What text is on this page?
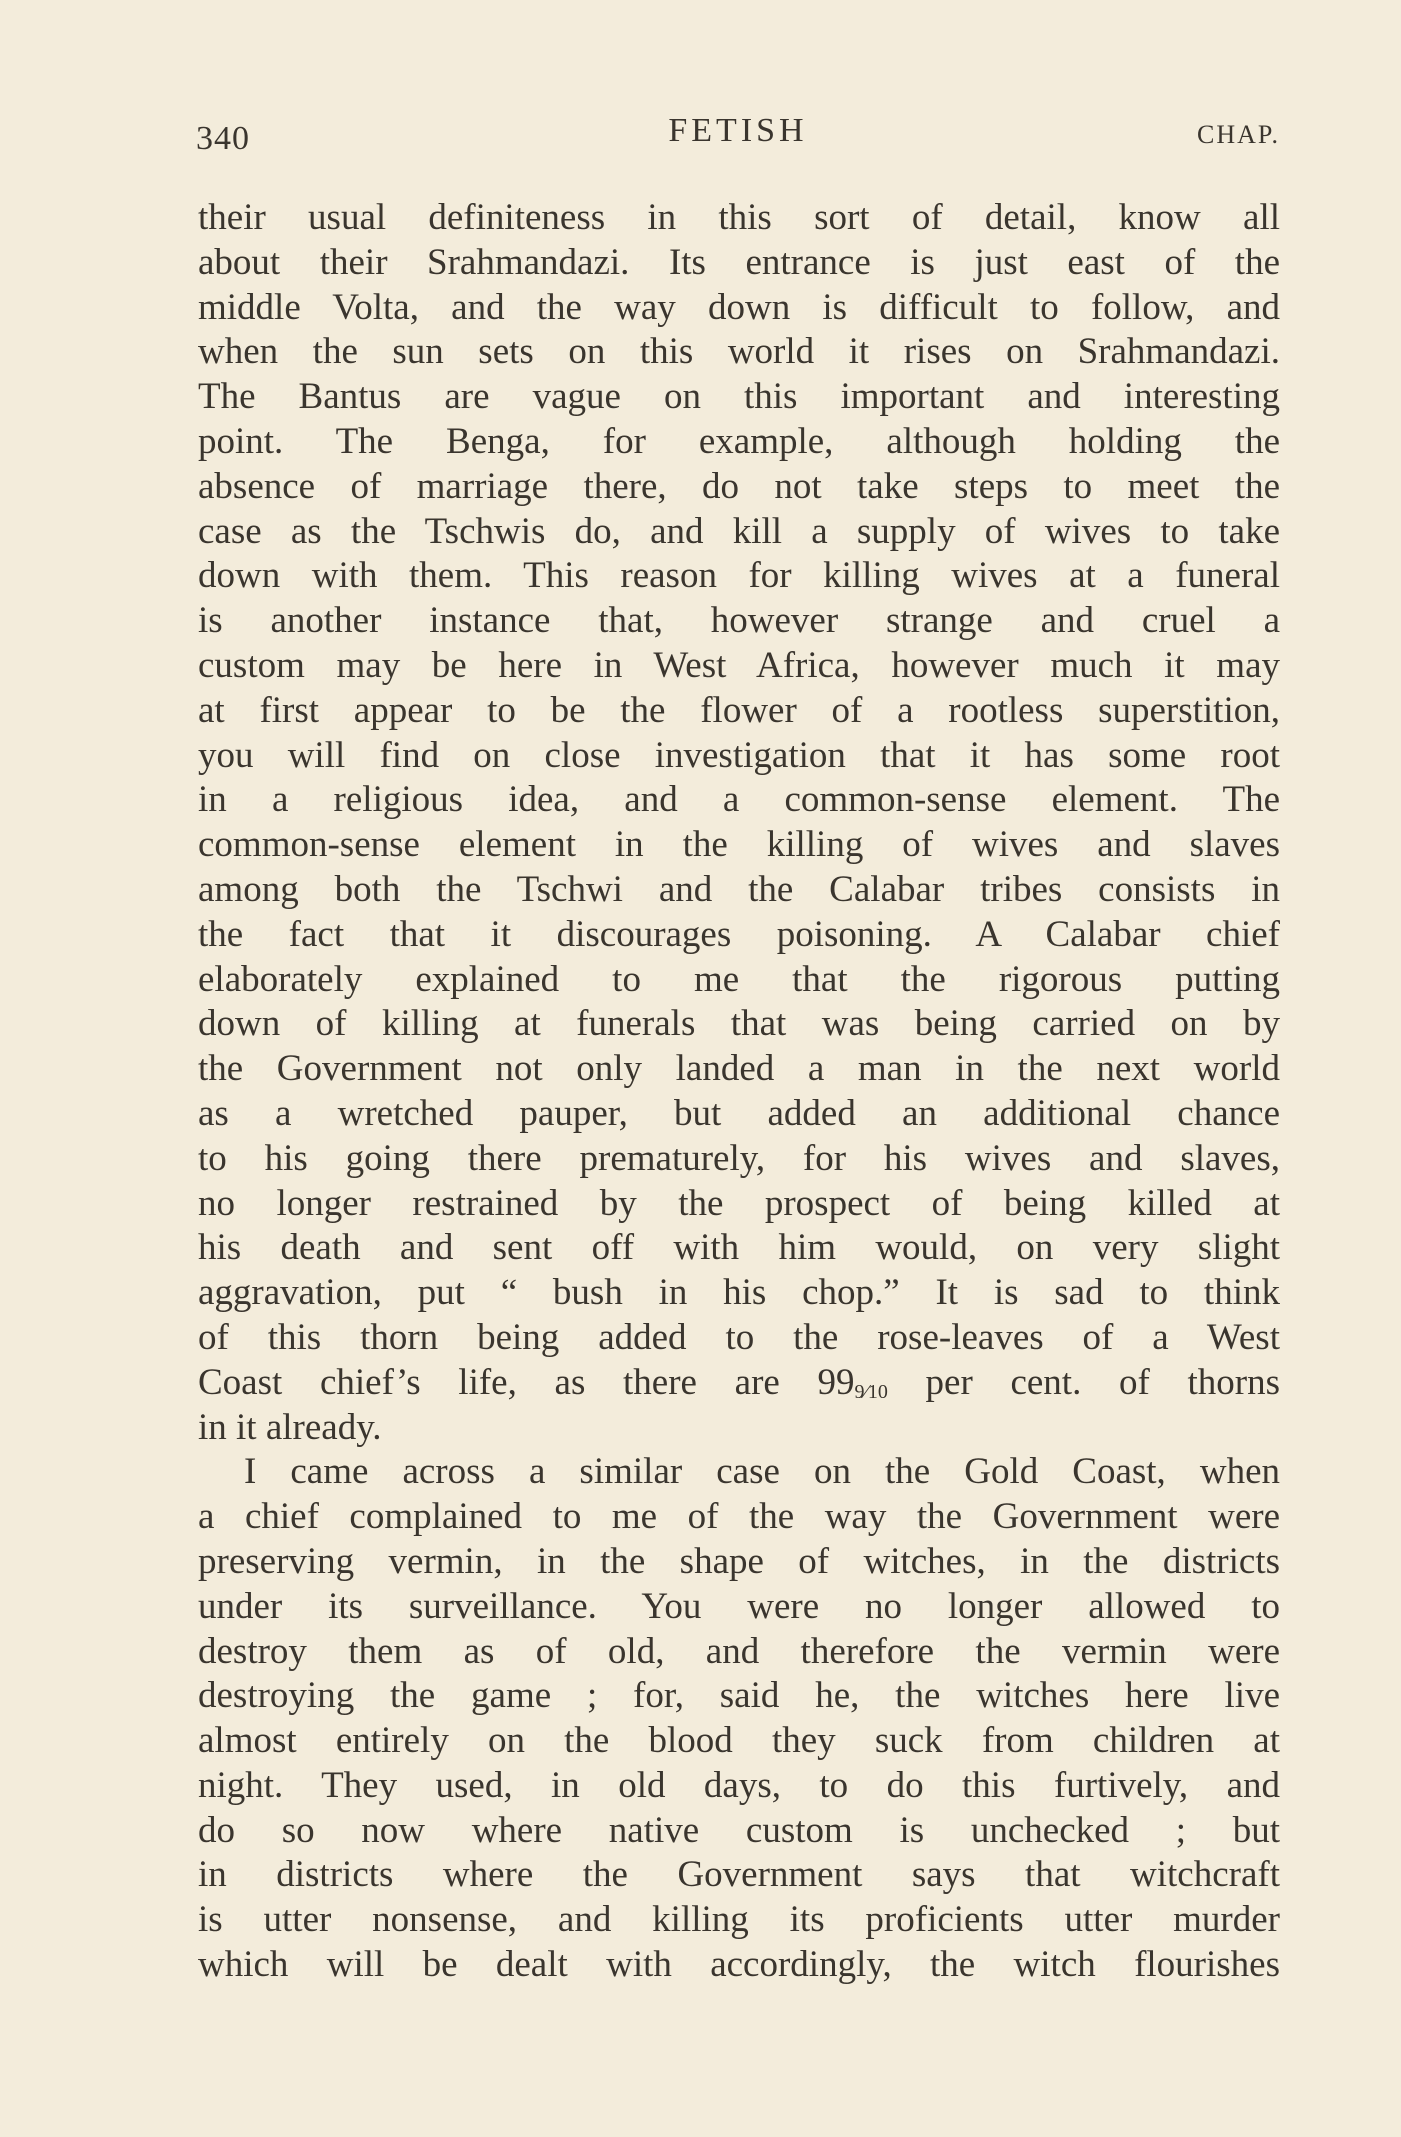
340	FETISH	CHAP.
their usual definiteness in this sort of detail, know all
about their Srahmandazi. Its entrance is just east of the
middle Volta, and the way down is difficult to follow, and
when the sun sets on this world it rises on Srahmandazi.
The Bantus are vague on this important and interesting
point. The Benga, for example, although holding the
absence of marriage there, do not take steps to meet the
case as the Tschwis do, and kill a supply of wives to take
down with them. This reason for killing wives at a funeral
is another instance that, however strange and cruel a
custom may be here in West Africa, however much it may
at first appear to be the flower of a rootless superstition,
you will find on close investigation that it has some root
in a religious idea, and a common-sense element. The
common-sense element in the killing of wives and slaves
among both the Tschwi and the Calabar tribes consists in
the fact that it discourages poisoning. A Calabar chief
elaborately explained to me that the rigorous putting
down of killing at funerals that was being carried on by
the Government not only landed a man in the next world
as a wretched pauper, but added an additional chance
to his going there prematurely, for his wives and slaves,
no longer restrained by the prospect of being killed at
his death and sent off with him would, on very slight
aggravation, put “ bush in his chop.” It is sad to think
of this thorn being added to the rose-leaves of a West
Coast chief’s life, as there are 999⁄10 per cent. of thorns
in it already.
I came across a similar case on the Gold Coast, when
a chief complained to me of the way the Government were
preserving vermin, in the shape of witches, in the districts
under its surveillance. You were no longer allowed to
destroy them as of old, and therefore the vermin were
destroying the game ; for, said he, the witches here live
almost entirely on the blood they suck from children at
night. They used, in old days, to do this furtively, and
do so now where native custom is unchecked ; but
in districts where the Government says that witchcraft
is utter nonsense, and killing its proficients utter murder
which will be dealt with accordingly, the witch flourishes
